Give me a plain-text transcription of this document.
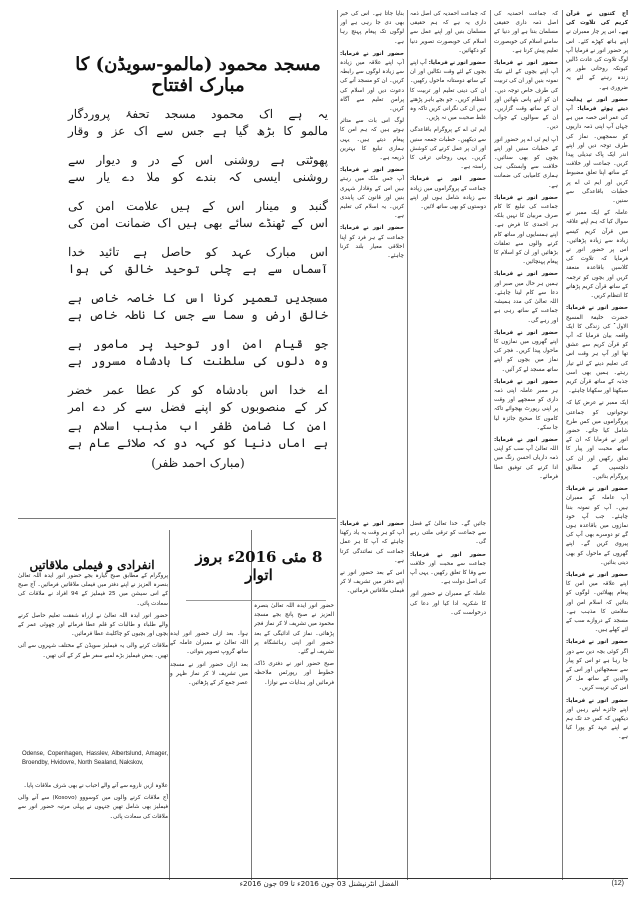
آج کتنوں نے قرآن کریم کی تلاوت کی ہے۔ اس پر چار ممبران نے اپنے ہاتھ کھڑے کئے۔ اس پر حضور انور نے فرمایا آپ لوگ تلاوت کی عادت ڈالیں کیونکہ روحانی طور پر زندہ رہنے کے لئے یہ ضروری ہے۔

حضور انور نے ہدایت دیتے ہوئے فرمایا: آپ کی عمر اس حصہ میں ہے جہاں آپ اپنی ذمہ داریوں کو سمجھیں۔ نماز کی طرف توجہ دیں اور اپنے اندر ایک پاک تبدیلی پیدا کریں۔ جماعت اور خلافت کے ساتھ اپنا تعلق مضبوط کریں اور ایم ٹی اے پر خطبات باقاعدگی سے سنیں۔

عاملہ کے ایک ممبر نے سوال کیا کہ ہم اپنے علاقہ میں قرآن کریم کیسے زیادہ سے زیادہ پڑھائیں۔ اس پر حضور انور نے فرمایا کہ تلاوت کی کلاسیں باقاعدہ منعقد کریں اور بچوں کو ترجمہ کے ساتھ قرآن کریم پڑھانے کا انتظام کریں۔

حضور انور نے فرمایا: حضرت خلیفۃ المسیح الاول ؓ کی زندگی کا ایک واقعہ بیان فرمایا کہ آپ کو قرآن کریم سے عشق تھا اور آپ ہر وقت اس کی تعلیم دینے کے لئے تیار رہتے۔ ہمیں بھی اسی جذبہ کے ساتھ قرآن کریم سیکھنا اور سکھانا چاہئے۔

ایک ممبر نے عرض کیا کہ نوجوانوں کو جماعتی پروگراموں میں کس طرح شامل کیا جائے۔ حضور انور نے فرمایا کہ ان کے ساتھ محبت اور پیار کا تعلق رکھیں اور ان کی دلچسپی کے مطابق پروگرام بنائیں۔

حضور انور نے فرمایا: آپ عاملہ کے ممبران ہیں۔ آپ کو نمونہ بننا چاہئے۔ جب آپ خود نمازوں میں باقاعدہ ہوں گے تو دوسرے بھی آپ کی پیروی کریں گے۔ اپنے گھروں کے ماحول کو بھی دینی بنائیں۔

حضور انور نے فرمایا: اپنے علاقہ میں امن کا پیغام پھیلائیں۔ لوگوں کو بتائیں کہ اسلام امن اور سلامتی کا مذہب ہے۔ مسجد کے دروازے سب کے لئے کھلے ہیں۔

حضور انور نے فرمایا: اگر کوئی بچہ دین سے دور جا رہا ہے تو اس کو پیار سے سمجھائیں اور اس کے والدین کے ساتھ مل کر اس کی تربیت کریں۔

حضور انور نے فرمایا: اپنے جائزے لیتے رہیں اور دیکھیں کہ کس حد تک ہم نے اپنے عہد کو پورا کیا ہے۔

کہ جماعت احمدیہ کی اصل ذمہ داری حقیقی مسلمان بننا ہے اور دنیا کے سامنے اسلام کی خوبصورت تعلیم پیش کرنا ہے۔

حضور انور نے فرمایا: آپ اپنے بچوں کے لئے نیک نمونہ بنیں اور ان کی تربیت کی طرف خاص توجہ دیں۔ ان کو اپنے پاس بٹھائیں اور ان کے ساتھ وقت گزاریں۔ ان کے سوالوں کے جواب دیں۔

آپ ایم ٹی اے پر حضور انور کے خطبات سنیں اور اپنے بچوں کو بھی سنائیں۔ خلافت سے وابستگی ہی ہماری کامیابی کی ضمانت ہے۔

حضور انور نے فرمایا: جماعت کی تبلیغ کا کام صرف مربیان کا نہیں بلکہ ہر احمدی کا فرض ہے۔ اپنے ہمسایوں اور ساتھ کام کرنے والوں سے تعلقات بڑھائیں اور ان کو اسلام کا پیغام پہنچائیں۔

حضور انور نے فرمایا: ہمیں ہر حال میں صبر اور دعا سے کام لینا چاہئے۔ اللہ تعالیٰ کی مدد ہمیشہ جماعت کے ساتھ رہی ہے اور رہے گی۔

حضور انور نے فرمایا: اپنے گھروں میں نمازوں کا ماحول پیدا کریں۔ فجر کی نماز میں بچوں کو اپنے ساتھ مسجد لے کر آئیں۔

حضور انور نے فرمایا: ہر ممبر عاملہ اپنی ذمہ داری کو سمجھے اور وقت پر اپنی رپورٹ بھجوائے تاکہ کاموں کا صحیح جائزہ لیا جا سکے۔

حضور انور نے فرمایا: اللہ تعالیٰ آپ سب کو اپنی ذمہ داریاں احسن رنگ میں ادا کرنے کی توفیق عطا فرمائے۔

کہ جماعت احمدیہ کی اصل ذمہ داری یہ ہے کہ ہم حقیقی مسلمان بنیں اور اپنے عمل سے اسلام کی خوبصورت تصویر دنیا کو دکھائیں۔

حضور انور نے فرمایا: آپ اپنے بچوں کے لئے وقت نکالیں اور ان کے ساتھ دوستانہ ماحول رکھیں۔ ان کی دینی تعلیم اور تربیت کا انتظام کریں۔ جو بچے باہر پڑھتے ہیں ان کی نگرانی کریں تاکہ وہ غلط صحبت میں نہ پڑیں۔

ایم ٹی اے کے پروگرام باقاعدگی سے دیکھیں۔ خطبات جمعہ سنیں اور ان پر عمل کرنے کی کوشش کریں۔ یہی روحانی ترقی کا راستہ ہے۔

حضور انور نے فرمایا: جماعت کے پروگراموں میں زیادہ سے زیادہ شامل ہوں اور اپنے دوستوں کو بھی ساتھ لائیں۔

بنایا جاتا ہے۔ اس کی خبر بھی دی جا رہی ہے اور لوگوں تک پیغام پہنچ رہا ہے۔

حضور انور نے فرمایا: آپ اپنے علاقہ میں زیادہ سے زیادہ لوگوں سے رابطہ کریں۔ ان کو مسجد آنے کی دعوت دیں اور اسلام کی پرامن تعلیم سے آگاہ کریں۔

لوگ اس بات سے متاثر ہوتے ہیں کہ ہم امن کا پیغام دیتے ہیں۔ یہی ہماری تبلیغ کا بہترین ذریعہ ہے۔

حضور انور نے فرمایا: آپ جس ملک میں رہتے ہیں اس کے وفادار شہری بنیں اور قانون کی پابندی کریں۔ یہ اسلام کی تعلیم ہے۔

حضور انور نے فرمایا: جماعت کے ہر فرد کو اپنا اخلاقی معیار بلند کرنا چاہئے۔

جائیں گے۔ خدا تعالیٰ کے فضل سے جماعت کو ترقی ملتی رہے گی۔

حضور انور نے فرمایا: جماعت سے محبت اور خلافت سے وفا کا تعلق رکھیں۔ یہی آپ کی اصل دولت ہے۔

عاملہ کے ممبران نے حضور انور کا شکریہ ادا کیا اور دعا کی درخواست کی۔

حضور انور نے فرمایا: آپ کو ہر وقت یہ یاد رکھنا چاہئے کہ آپ کا ہر عمل جماعت کی نمائندگی کرتا ہے۔

اس کے بعد حضور انور نے اپنے دفتر میں تشریف لا کر فیملی ملاقاتیں فرمائیں۔

مسجد محمود (مالمو-سویڈن) کا مبارک افتتاح
یہ ہے اک محمود مسجد تحفۂ پروردگار
مالمو کا بڑھ گیا ہے جس سے اک عز و وقار
پھوٹتی ہے روشنی اس کے در و دیوار سے
روشنی ایسی کہ بندے کو ملا دے یار سے
گنبد و مینار اس کے ہیں علامت امن کی
اس کے ٹھنڈے سائے بھی ہیں اک ضمانت امن کی
اس مبارک عہد کو حاصل ہے تائید خدا
آسماں سے ہے چلی توحید خالق کی ہوا
مسجدیں تعمیر کرنا اس کا خاصہ خاص ہے
خالق ارض و سما سے جس کا ناطہ خاص ہے
جو قیام امن اور توحید پر مامور ہے
وہ دلوں کی سلطنت کا بادشاہ مسرور ہے
اے خدا اس بادشاہ کو کر عطا عمر خضر
کر کے منصوبوں کو اپنے فضل سے کر دے امر
امن کا ضامن ظفر اب مذہب اسلام ہے
ہے اماں دنیا کو کہہ دو کہ صلائے عام ہے
(مبارک احمد ظفر)

حضور انور ایدہ اللہ تعالیٰ بنصرہ العزیز نے صبح پانچ بجے مسجد محمود میں تشریف لا کر نماز فجر پڑھائی۔ نماز کی ادائیگی کے بعد حضور انور اپنی رہائشگاہ پر تشریف لے گئے۔

صبح حضور انور نے دفتری ڈاک، خطوط اور رپورٹس ملاحظہ فرمائیں اور ہدایات سے نوازا۔

8 مئی 2016ء بروز اتوار

ہوا۔ بعد ازاں حضور انور ایدہ اللہ تعالیٰ نے ممبران عاملہ کے ساتھ گروپ تصویر بنوائی۔

بعد ازاں حضور انور نے مسجد میں تشریف لا کر نماز ظہر و عصر جمع کر کے پڑھائیں۔

پروگرام کے مطابق صبح گیارہ بجے حضور انور ایدہ اللہ تعالیٰ بنصرہ العزیز نے اپنے دفتر میں فیملی ملاقاتیں فرمائیں۔ آج صبح کے اس سیشن میں 25 فیملیز کے 94 افراد نے ملاقات کی سعادت پائی۔

حضور انور ایدہ اللہ تعالیٰ نے ازراہ شفقت تعلیم حاصل کرنے والے طلباء و طالبات کو قلم عطا فرمائے اور چھوٹی عمر کے بچوں اور بچیوں کو چاکلیٹ عطا فرمائیں۔

ملاقات کرنے والی یہ فیملیز سویڈن کے مختلف شہروں سے آئی تھیں۔ بعض فیملیز بڑے لمبے سفر طے کر کے آئی تھیں۔

انفرادی و فیملی ملاقاتیں
Odense, Copenhagen, Hasslev, Albertslund, Amager, Broendby, Hvidovre, North Sealand, Nakskov,

علاوہ ازیں ناروے سے آنے والے احباب نے بھی شرف ملاقات پایا۔

آج ملاقات کرنے والوں میں کوسووو (Kosovo) سے آنے والی فیملیز بھی شامل تھیں جنہوں نے پہلی مرتبہ حضور انور سے ملاقات کی سعادت پائی۔

(12)
الفضل انٹرنیشنل 03 جون 2016ء تا 09 جون 2016ء
